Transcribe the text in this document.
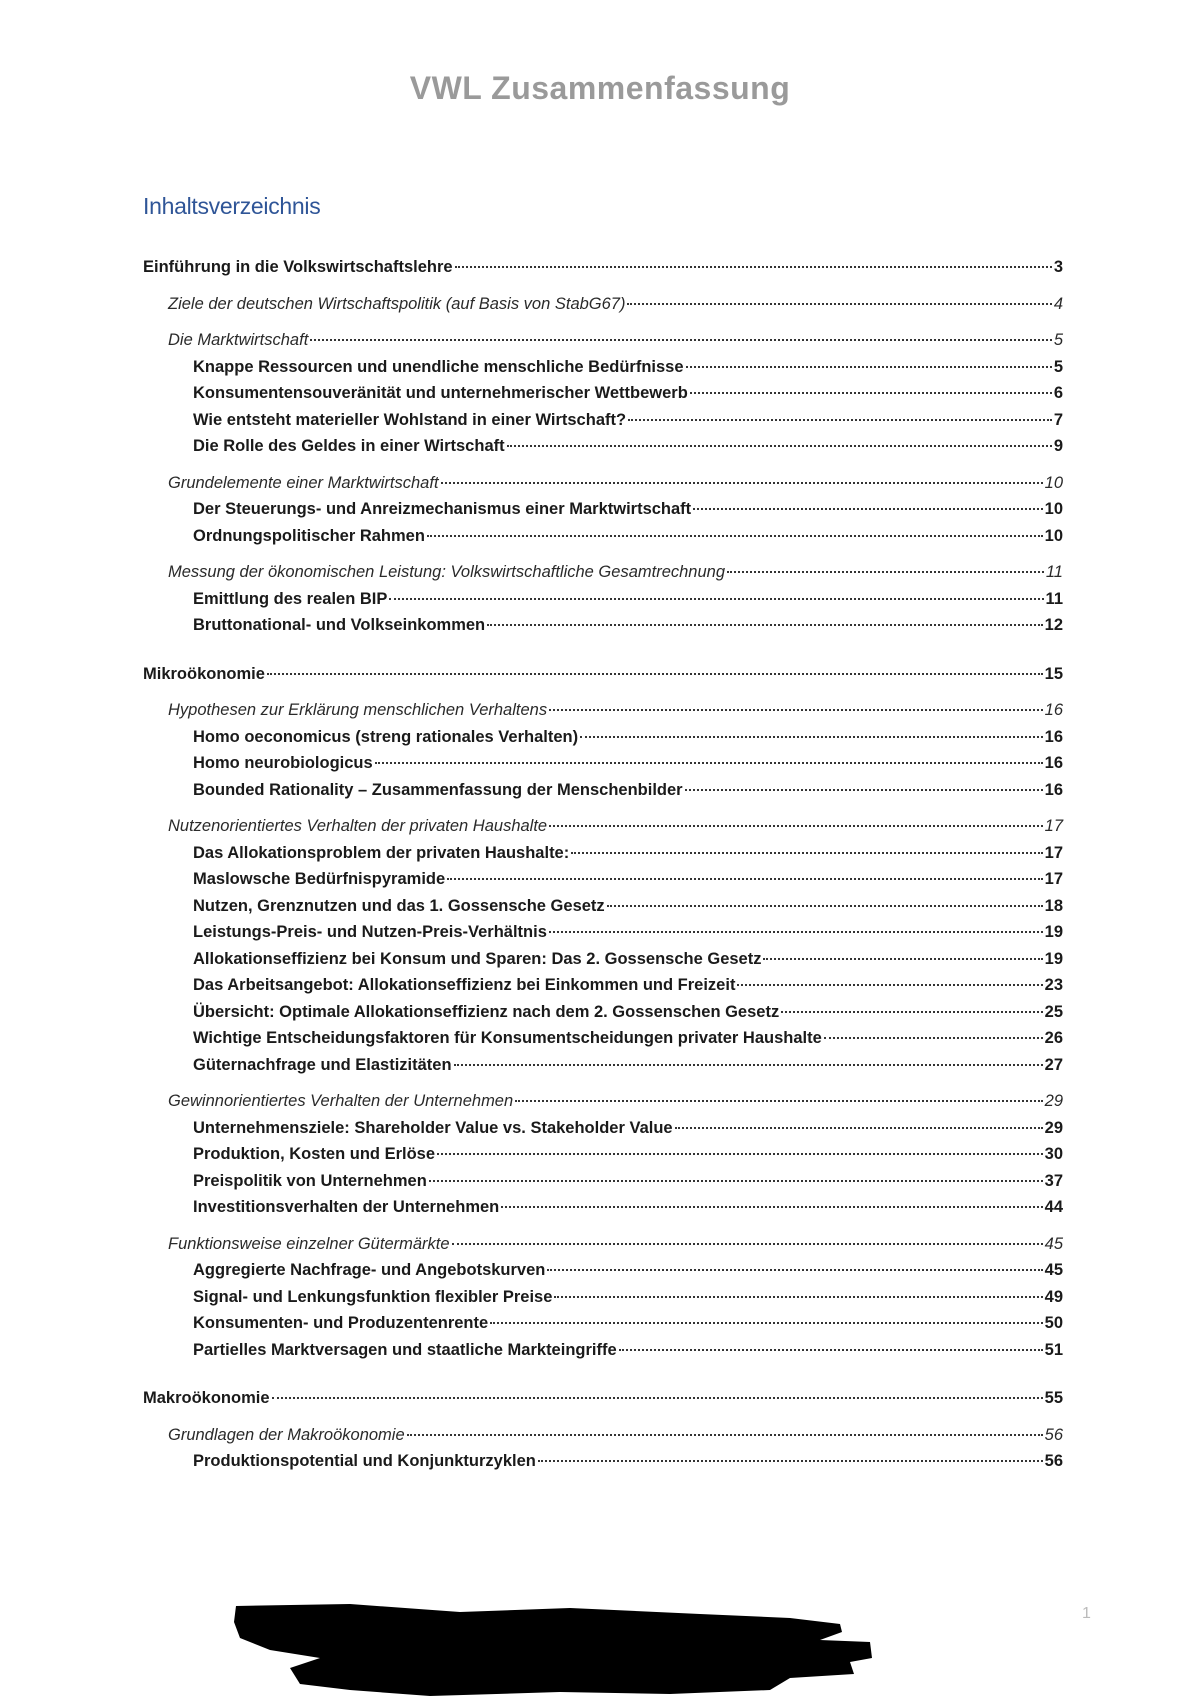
VWL Zusammenfassung
Inhaltsverzeichnis
Einführung in die Volkswirtschaftslehre	3
Ziele der deutschen Wirtschaftspolitik (auf Basis von StabG67)	4
Die Marktwirtschaft	5
Knappe Ressourcen und unendliche menschliche Bedürfnisse	5
Konsumentensouveränität und unternehmerischer Wettbewerb	6
Wie entsteht materieller Wohlstand in einer Wirtschaft?	7
Die Rolle des Geldes in einer Wirtschaft	9
Grundelemente einer Marktwirtschaft	10
Der Steuerungs- und Anreizmechanismus einer Marktwirtschaft	10
Ordnungspolitischer Rahmen	10
Messung der ökonomischen Leistung: Volkswirtschaftliche Gesamtrechnung	11
Emittlung des realen BIP	11
Bruttonational- und Volkseinkommen	12
Mikroökonomie	15
Hypothesen zur Erklärung menschlichen Verhaltens	16
Homo oeconomicus (streng rationales Verhalten)	16
Homo neurobiologicus	16
Bounded Rationality – Zusammenfassung der Menschenbilder	16
Nutzenorientiertes Verhalten der privaten Haushalte	17
Das Allokationsproblem der privaten Haushalte:	17
Maslowsche Bedürfnispyramide	17
Nutzen, Grenznutzen und das 1. Gossensche Gesetz	18
Leistungs-Preis- und Nutzen-Preis-Verhältnis	19
Allokationseffizienz bei Konsum und Sparen: Das 2. Gossensche Gesetz	19
Das Arbeitsangebot: Allokationseffizienz bei Einkommen und Freizeit	23
Übersicht: Optimale Allokationseffizienz nach dem 2. Gossenschen Gesetz	25
Wichtige Entscheidungsfaktoren für Konsumentscheidungen privater Haushalte	26
Güternachfrage und Elastizitäten	27
Gewinnorientiertes Verhalten der Unternehmen	29
Unternehmensziele: Shareholder Value vs. Stakeholder Value	29
Produktion, Kosten und Erlöse	30
Preispolitik von Unternehmen	37
Investitionsverhalten der Unternehmen	44
Funktionsweise einzelner Gütermärkte	45
Aggregierte Nachfrage- und Angebotskurven	45
Signal- und Lenkungsfunktion flexibler Preise	49
Konsumenten- und Produzentenrente	50
Partielles Marktversagen und staatliche Markteingriffe	51
Makroökonomie	55
Grundlagen der Makroökonomie	56
Produktionspotential und Konjunkturzyklen	56
1
